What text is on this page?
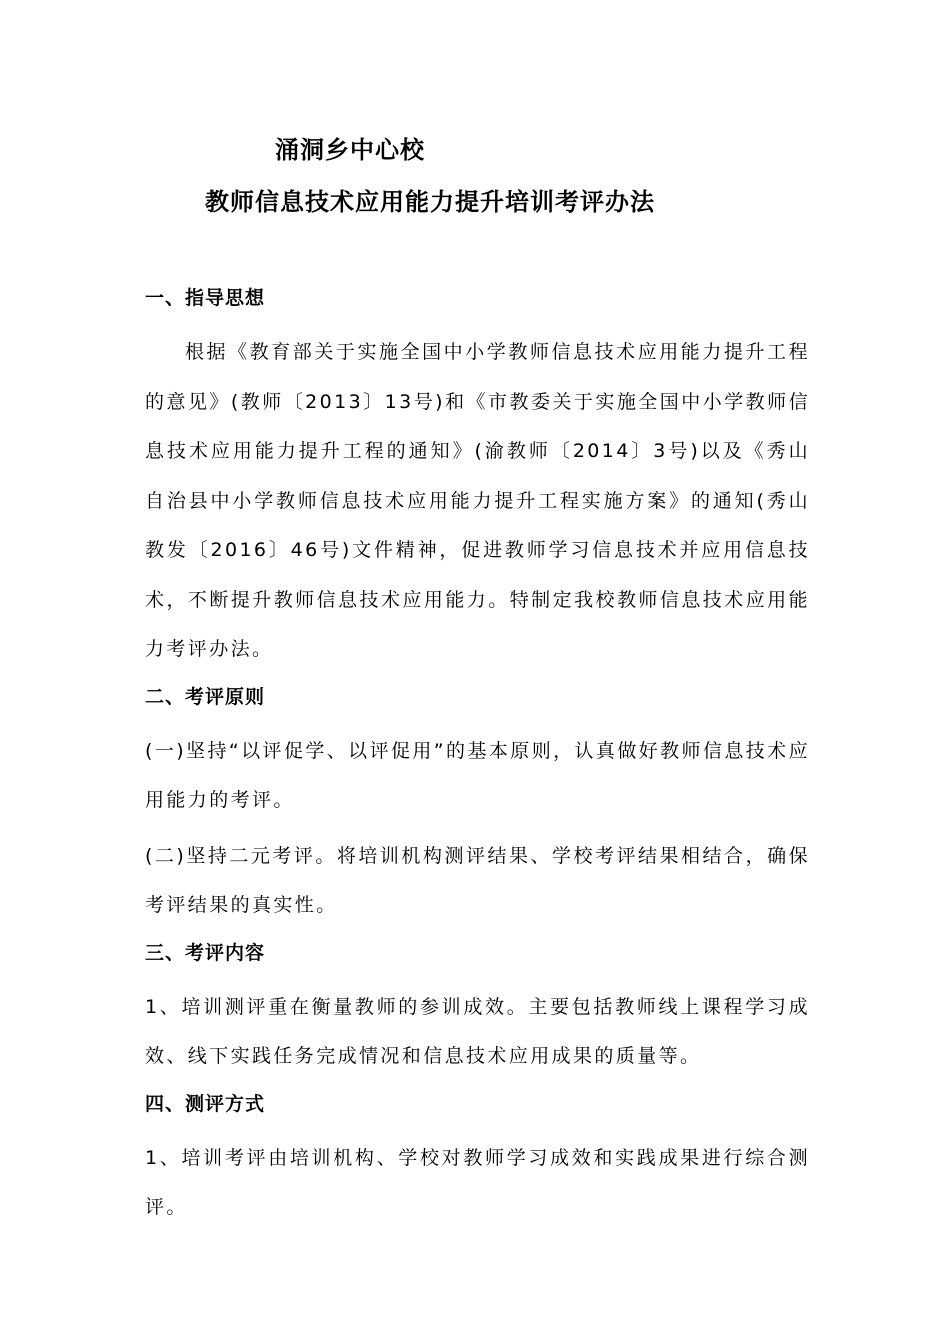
涌洞乡中心校
教师信息技术应用能力提升培训考评办法
一、指导思想

根据《教育部关于实施全国中小学教师信息技术应用能力提升工程的意见》(教师〔2013〕13号)和《市教委关于实施全国中小学教师信息技术应用能力提升工程的通知》(渝教师〔2014〕3号)以及《秀山自治县中小学教师信息技术应用能力提升工程实施方案》的通知(秀山教发〔2016〕46号)文件精神，促进教师学习信息技术并应用信息技术，不断提升教师信息技术应用能力。特制定我校教师信息技术应用能力考评办法。

二、考评原则

(一)坚持“以评促学、以评促用”的基本原则，认真做好教师信息技术应用能力的考评。

(二)坚持二元考评。将培训机构测评结果、学校考评结果相结合，确保考评结果的真实性。

三、考评内容

1、培训测评重在衡量教师的参训成效。主要包括教师线上课程学习成效、线下实践任务完成情况和信息技术应用成果的质量等。

四、测评方式

1、培训考评由培训机构、学校对教师学习成效和实践成果进行综合测评。
